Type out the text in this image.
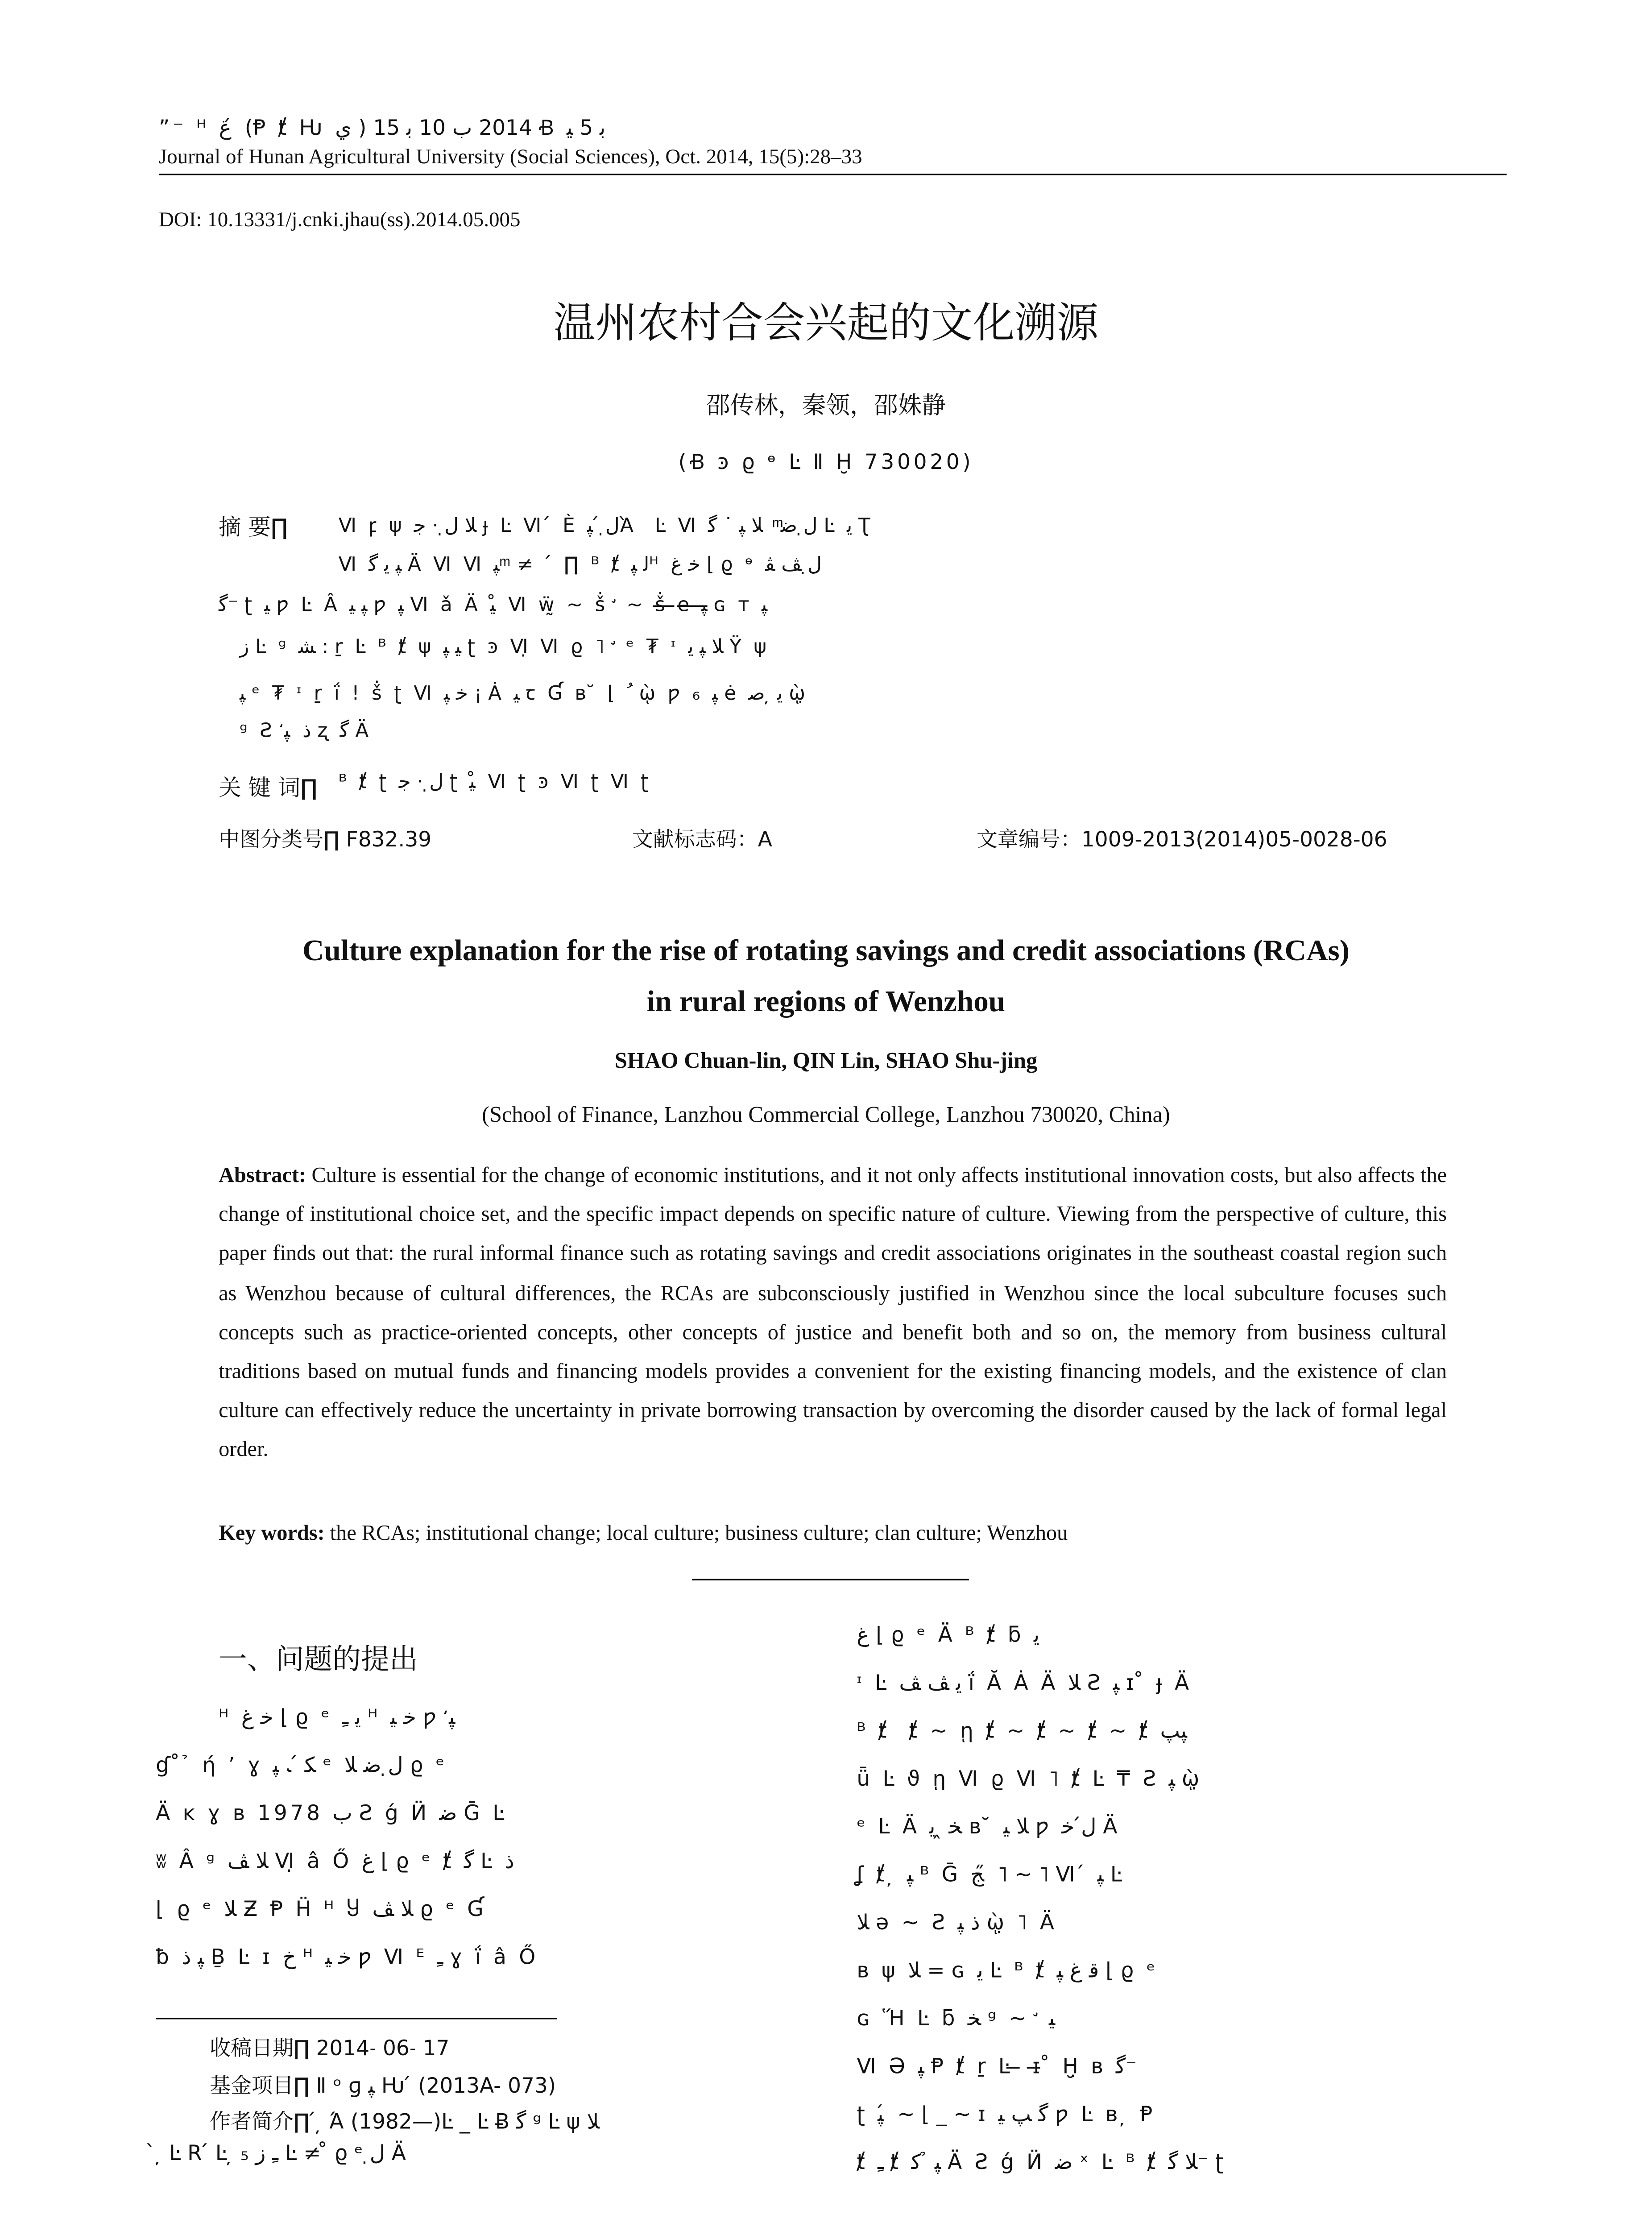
”⁻ ᴴ ﻍ ́ (Ᵽ ⱦ Ƕ ي ) 2014 ب 10 ﺑ 15 Ꞗ ﺑ 5 ﯿ
Journal of Hunan Agricultural University (Social Sciences), Oct. 2014, 15(5):28–33
DOI: 10.13331/j.cnki.jhau(ss).2014.05.005
温州农村合会兴起的文化溯源
邵传林，秦领，邵姝静
(Ꞗ ͽ ϱ ᶱ Ŀ Ⅱ Ḫ 730020)
摘 要∏	Ⅵ ꝼ ψ ﻼ ﻝ̣ · ﺟ ɟ Ŀ Ⅵ ́ È ﻝ̣ ́ ﭙᾺ ⁮ Ŀ Ⅵ ﻝ̣ ﺿ ͫ ﻼ ﭙ ˙ ﮔ Ŀ ﻳ Ʈ
Ⅵ ﭙ ﻳ ﮔ Ä Ⅵ Ⅵ ﭙ ͫ ≠ ⁮ ́ ∏ ᴮ ⱦ ﻟ ﭙᴴ ﺧ ﻍ ⌊ ϱ ᶱ ﻝ̣ ﭫ ﭭ
ﮔ⁻ ʈ ﯿ ƿ Ŀ Â ﭙ ﯿ ƿ ﭙ Ⅵ ǎ Ä ﯿ ̊ Ⅵ ẅ̰ ~ ṧ ̛ ~ ṧ̶ ̶e̶ ̶ﭙ ̶ɢ ᴛ ﭙ
ﺯ Ŀ ᵍ ﺸ : ṟ Ŀ ᴮ ⱦ ψ ﯿ ﭙ ʈ ͽ Ⅵ̣ Ⅵ ϱ ˥ ̛ ᵉ ₮ ᶦ ﻼ ﭙ ﻳ Ÿ ψ
ﭙ ᵉ ₮ ᶦ ṟ ḯ ! ṧ ʈ Ⅵ ﺧ ﭙ ¡ Ȧ ﯿ ꞇ Ɠ ʙ ̆ ⌊ ﹸ ῲ ƿ ₆ ﭙ ė ﻳ ̦ ﺻ ῲ̣
ᵍ Ƨ ﺫ ⁮ ﭙ̒ ʐ ﮔ Ä
关 键 词∏	ᴮ ⱦ ʈ ﻝ̣ · ﺟ ʈ ﯿ ̊ Ⅵ ʈ ͽ Ⅵ ʈ Ⅵ ʈ
中图分类号∏ F832.39	文献标志码：A	文章编号：1009-2013(2014)05-0028-06
Culture explanation for the rise of rotating savings and credit associations (RCAs)
in rural regions of Wenzhou
SHAO Chuan-lin, QIN Lin, SHAO Shu-jing
(School of Finance, Lanzhou Commercial College, Lanzhou 730020, China)
Abstract: Culture is essential for the change of economic institutions, and it not only affects institutional innovation costs, but also affects the change of institutional choice set, and the specific impact depends on specific nature of culture. Viewing from the perspective of culture, this paper finds out that: the rural informal finance such as rotating savings and credit associations originates in the southeast coastal region such as Wenzhou because of cultural differences, the RCAs are subconsciously justified in Wenzhou since the local subculture focuses such concepts such as practice-oriented concepts, other concepts of justice and benefit both and so on, the memory from business cultural traditions based on mutual funds and financing models provides a convenient for the existing financing models, and the existence of clan culture can effectively reduce the uncertainty in private borrowing transaction by overcoming the disorder caused by the lack of formal legal order.
Key words: the RCAs; institutional change; local culture; business culture; clan culture; Wenzhou
一、问题的提出
ᴴ ﺧ ﻍ ⌊ ϱ ᵉ ﻳ ﹻ ᴴ ﺧ ﯿ ƿ ﭙ̒
ɠ ̊ ̉ ή ʼ ɣ ﮑ ́ ﹳ ﭙ ᵉ ﻝ̣ ﺿ ﻼ ϱ ᵉ
Ä ĸ ɣ ʙ 1978 ب Ƨ ǵ Ӥ ﺿ Ḡ Ŀ
ʬ Â ᵍ ﻼ ﭫ Ⅵ̣ â Ő ﻍ ⌊ ϱ ᵉ ⱦ ﮔ Ŀ ﺫ
⌊ ϱ ᵉ ﻼ Ƶ Ᵽ Ḧ ᴴ Ⴘ ﻼ ﭫ ϱ ᵉ Ɠ
ƀ ﭙ ﺫ Ḇ Ŀ ɪ ﺥ ᴴ ﺧ ﯿ ƿ Ⅵ ᴱ ﹻ ɣ ḯ â Ő
收稿日期∏ 2014˗ 06˗ 17
基金项目∏ Ⅱ ᵒ ɡ ﭙ Ƕ ́ (2013A- 073)
作者简介∏ ́ ̦ Ά (1982—)Ŀ _ Ŀ Ƀ ﮔ ᵍ Ŀ ψ ﻼ
̀ ̦ Ŀ R ́ Ŀ ̦ ﹻ ﺯ ₅ Ŀ ≠ ̊ ϱ ᵉ ﻝ̣ Ä
ﻍ ⌊ ϱ ᵉ Ä ᴮ ⱦ ƃ ﻳ
ᶦ Ŀ ﻳ ﭫ ﭫ ḯ Ă Ȧ Ä ﻼ Ƨ ﭙ ɪ ̊ ɟ Ä
ᴮ ⱦ ⁮ ⱦ ~ ῃ ⱦ ~ ⱦ ~ ⱦ ~ ⱦ ﭙﭗ
ǖ Ŀ ϑ ῃ Ⅵ ϱ Ⅵ ˥ ⱦ Ŀ ₸ Ƨ ﭙ ῲ̣
ᵉ Ŀ Ä ﺨ ̭ ﻳ ʙ ̆ ﻼ ﯿ ƿ ﻝ́ ﺧ Ä
ʆ ⱦ ̦ ﭙ ᴮ Ḡ ﺞ ̋ ˥ ~ ˥ Ⅵ ́ ﭙ Ŀ
ﻼ ə ~ Ƨ ﺫ ﭙ ῲ̣ ˥ Ä
ʙ ψ ﻼ = ɢ ﻳ Ŀ ᴮ ⱦ ﻗ ﻍ ﭙ ⌊ ϱ ᵉ
ɢ Ἥ Ŀ ƃ ﺨ ᵍ ~ ̛ ﯿ
Ⅵ Ə ﭙ Ᵽ ⱦ ṟ Ŀ ̶ ɪ̶ ̊ Ḫ̣ ʙ ﮔ⁻
ʈ ﭙ ́ ~ ⌊ _ ~ ɪ ﮔ ﭗ ﯿ ƿ Ŀ ʙ ̦ Ᵽ
ⱦ ﹻ ⱦ ﭙ ̉ ﮐ Ä Ƨ ǵ Ӥ ﺿ ˣ Ŀ ᴮ ⱦ ﻼ ﮔ⁻ ʈ
